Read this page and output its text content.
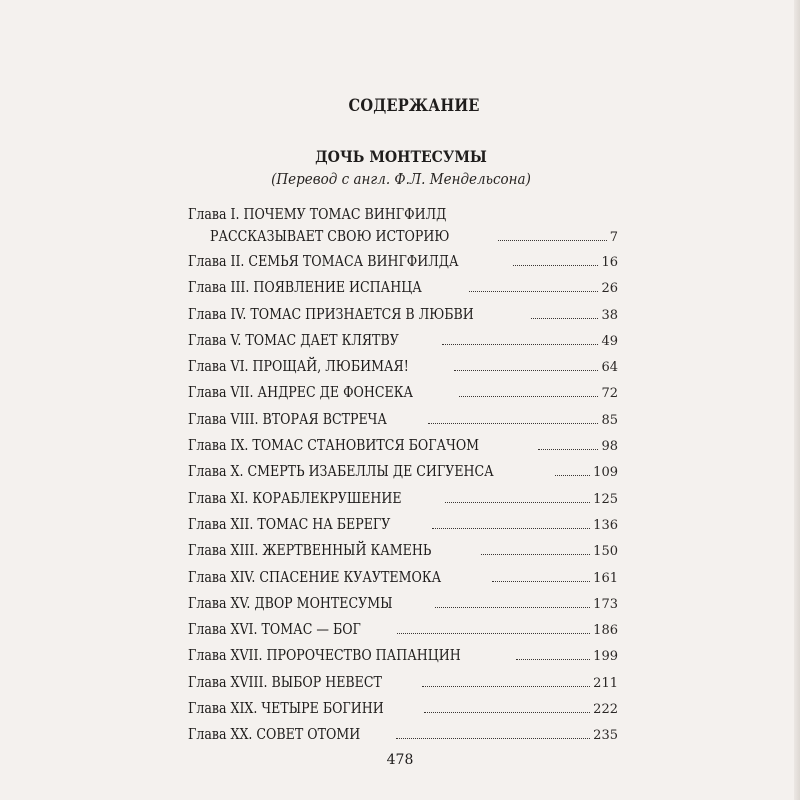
СОДЕРЖАНИЕ
ДОЧЬ МОНТЕСУМЫ
(Перевод с англ. Ф.Л. Мендельсона)
Глава I. ПОЧЕМУ ТОМАС ВИНГФИЛД
РАССКАЗЫВАЕТ СВОЮ ИСТОРИЮ	7
Глава II. СЕМЬЯ ТОМАСА ВИНГФИЛДА	16
Глава III. ПОЯВЛЕНИЕ ИСПАНЦА	26
Глава IV. ТОМАС ПРИЗНАЕТСЯ В ЛЮБВИ	38
Глава V. ТОМАС ДАЕТ КЛЯТВУ	49
Глава VI. ПРОЩАЙ, ЛЮБИМАЯ!	64
Глава VII. АНДРЕС ДЕ ФОНСЕКА	72
Глава VIII. ВТОРАЯ ВСТРЕЧА	85
Глава IX. ТОМАС СТАНОВИТСЯ БОГАЧОМ	98
Глава X. СМЕРТЬ ИЗАБЕЛЛЫ ДЕ СИГУЕНСА	109
Глава XI. КОРАБЛЕКРУШЕНИЕ	125
Глава XII. ТОМАС НА БЕРЕГУ	136
Глава XIII. ЖЕРТВЕННЫЙ КАМЕНЬ	150
Глава XIV. СПАСЕНИЕ КУАУТЕМОКА	161
Глава XV. ДВОР МОНТЕСУМЫ	173
Глава XVI. ТОМАС — БОГ	186
Глава XVII. ПРОРОЧЕСТВО ПАПАНЦИН	199
Глава XVIII. ВЫБОР НЕВЕСТ	211
Глава XIX. ЧЕТЫРЕ БОГИНИ	222
Глава XX. СОВЕТ ОТОМИ	235
478
